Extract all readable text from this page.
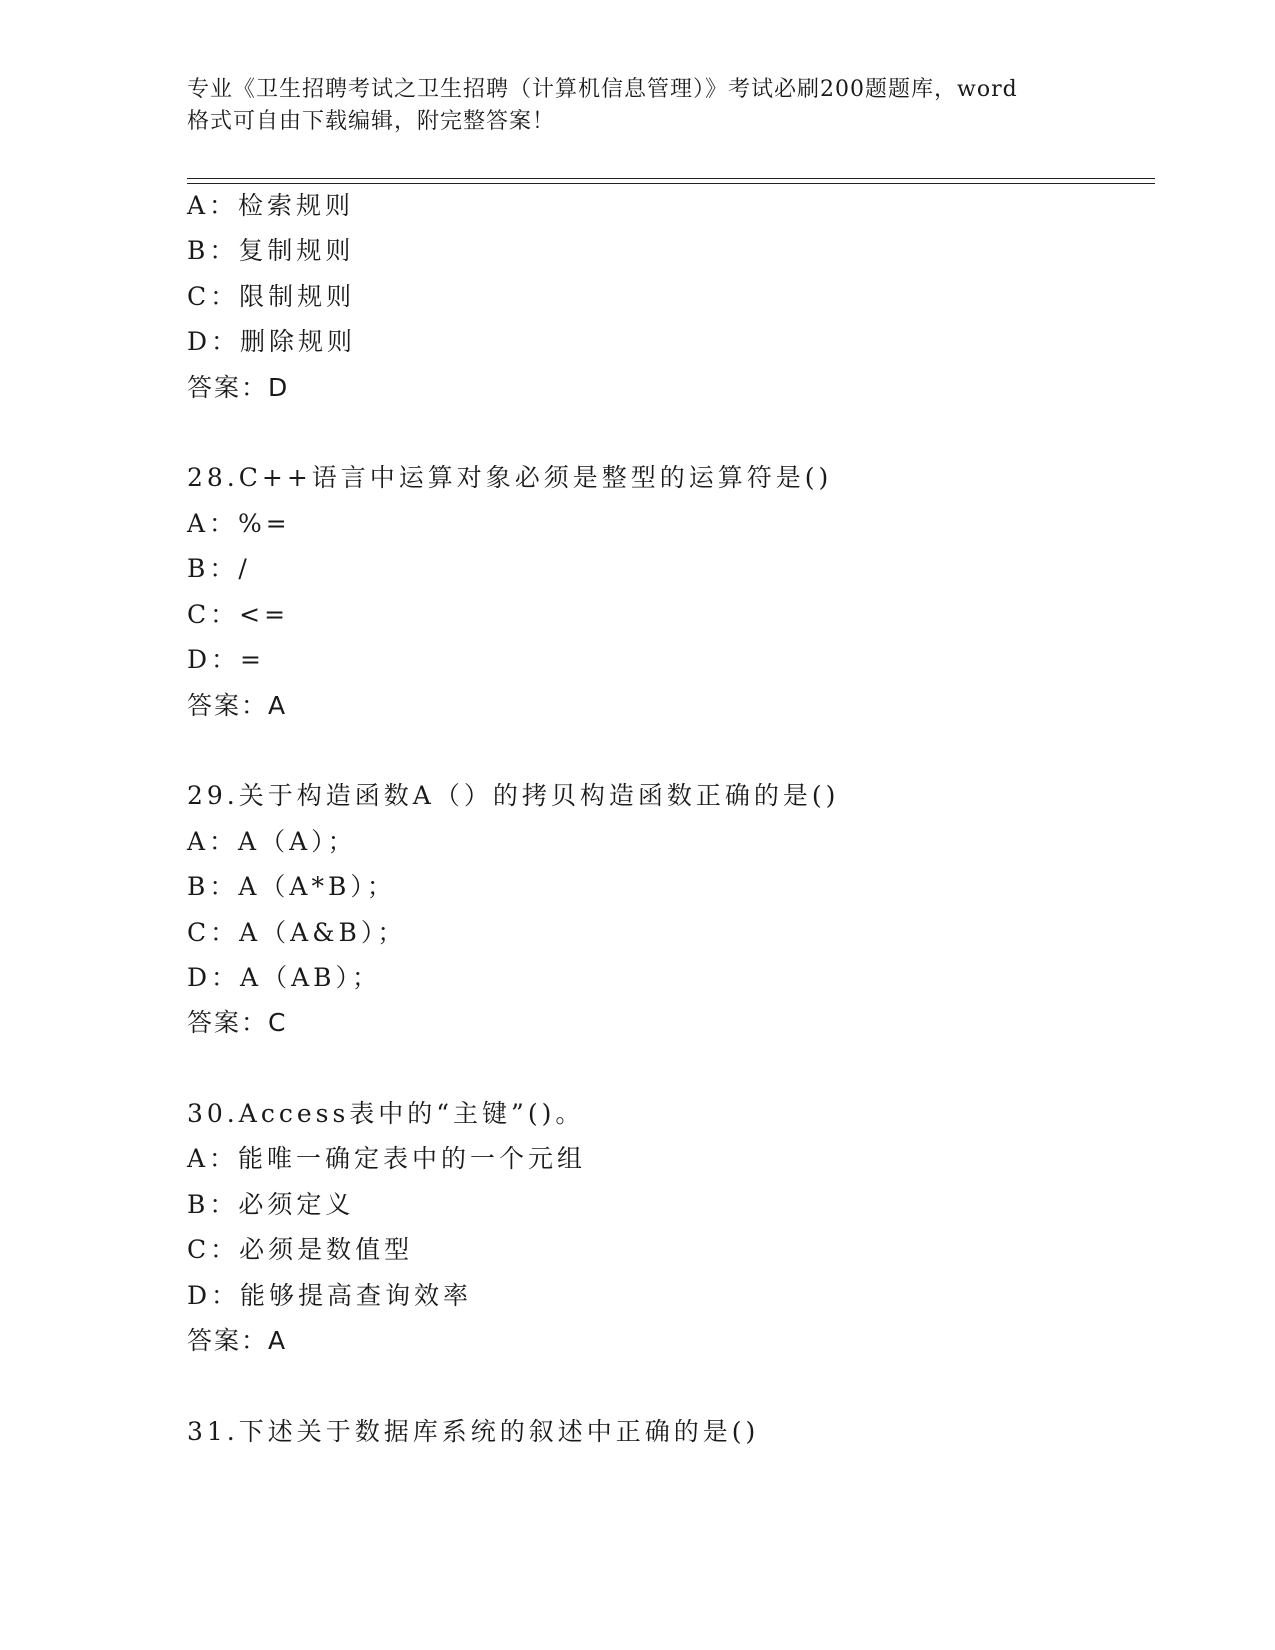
专业《卫生招聘考试之卫生招聘（计算机信息管理）》考试必刷200题题库，word
格式可自由下载编辑，附完整答案！
A：检索规则
B：复制规则
C：限制规则
D：删除规则
答案：D
28.C++语言中运算对象必须是整型的运算符是()
A：%=
B：/
C：<=
D：=
答案：A
29.关于构造函数A（）的拷贝构造函数正确的是()
A：A（A）；
B：A（A*B）；
C：A（A&B）；
D：A（AB）；
答案：C
30.Access表中的“主键”()。
A：能唯一确定表中的一个元组
B：必须定义
C：必须是数值型
D：能够提高查询效率
答案：A
31.下述关于数据库系统的叙述中正确的是()
